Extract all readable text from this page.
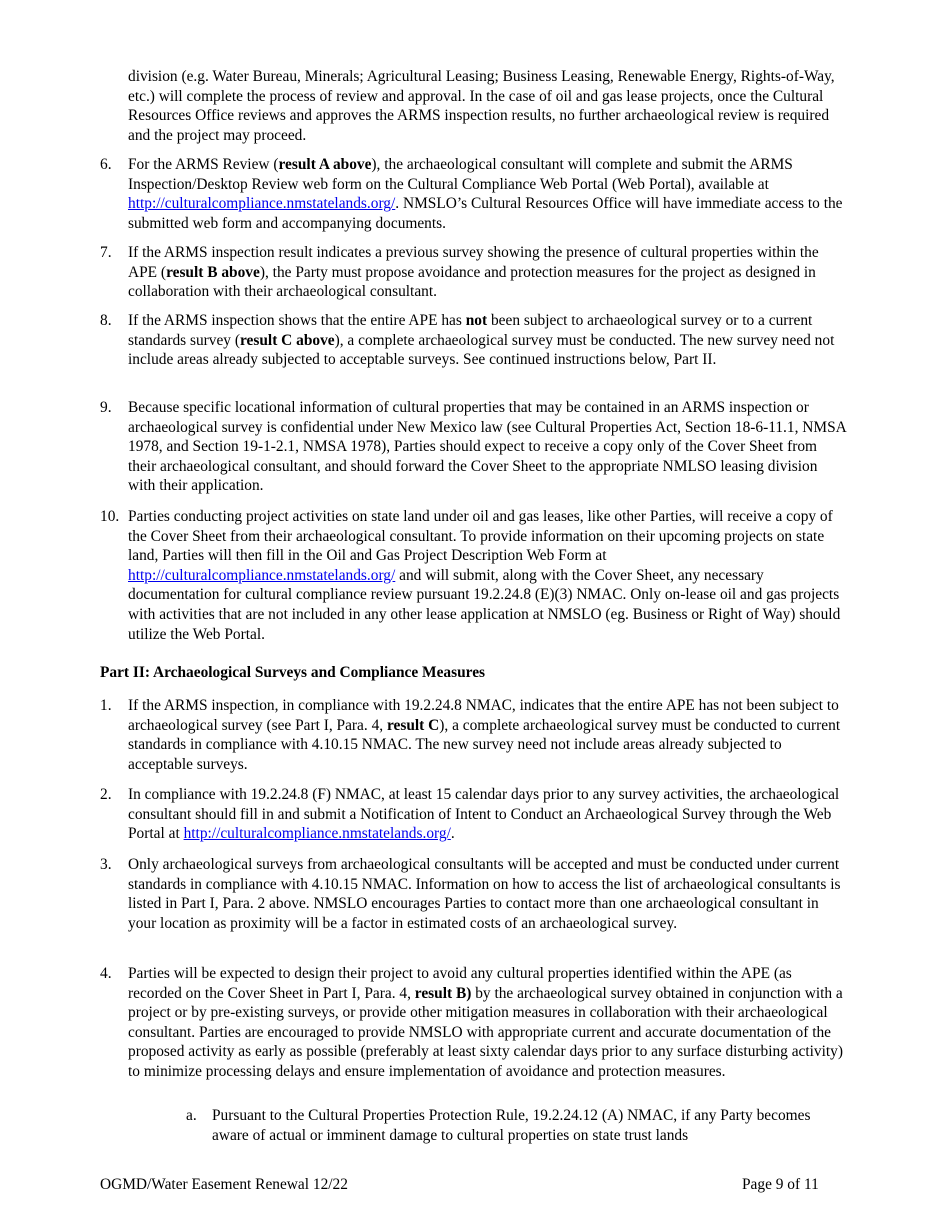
division (e.g. Water Bureau, Minerals; Agricultural Leasing; Business Leasing, Renewable Energy, Rights-of-Way, etc.) will complete the process of review and approval. In the case of oil and gas lease projects, once the Cultural Resources Office reviews and approves the ARMS inspection results, no further archaeological review is required and the project may proceed.

6. For the ARMS Review (result A above), the archaeological consultant will complete and submit the ARMS Inspection/Desktop Review web form on the Cultural Compliance Web Portal (Web Portal), available at http://culturalcompliance.nmstatelands.org/. NMSLO’s Cultural Resources Office will have immediate access to the submitted web form and accompanying documents.
7. If the ARMS inspection result indicates a previous survey showing the presence of cultural properties within the APE (result B above), the Party must propose avoidance and protection measures for the project as designed in collaboration with their archaeological consultant.
8. If the ARMS inspection shows that the entire APE has not been subject to archaeological survey or to a current standards survey (result C above), a complete archaeological survey must be conducted. The new survey need not include areas already subjected to acceptable surveys. See continued instructions below, Part II.
9. Because specific locational information of cultural properties that may be contained in an ARMS inspection or archaeological survey is confidential under New Mexico law (see Cultural Properties Act, Section 18-6-11.1, NMSA 1978, and Section 19-1-2.1, NMSA 1978), Parties should expect to receive a copy only of the Cover Sheet from their archaeological consultant, and should forward the Cover Sheet to the appropriate NMLSO leasing division with their application.
10. Parties conducting project activities on state land under oil and gas leases, like other Parties, will receive a copy of the Cover Sheet from their archaeological consultant. To provide information on their upcoming projects on state land, Parties will then fill in the Oil and Gas Project Description Web Form at http://culturalcompliance.nmstatelands.org/ and will submit, along with the Cover Sheet, any necessary documentation for cultural compliance review pursuant 19.2.24.8 (E)(3) NMAC. Only on-lease oil and gas projects with activities that are not included in any other lease application at NMSLO (eg. Business or Right of Way) should utilize the Web Portal.

Part II: Archaeological Surveys and Compliance Measures

1. If the ARMS inspection, in compliance with 19.2.24.8 NMAC, indicates that the entire APE has not been subject to archaeological survey (see Part I, Para. 4, result C), a complete archaeological survey must be conducted to current standards in compliance with 4.10.15 NMAC. The new survey need not include areas already subjected to acceptable surveys.
2. In compliance with 19.2.24.8 (F) NMAC, at least 15 calendar days prior to any survey activities, the archaeological consultant should fill in and submit a Notification of Intent to Conduct an Archaeological Survey through the Web Portal at http://culturalcompliance.nmstatelands.org/.
3. Only archaeological surveys from archaeological consultants will be accepted and must be conducted under current standards in compliance with 4.10.15 NMAC. Information on how to access the list of archaeological consultants is listed in Part I, Para. 2 above. NMSLO encourages Parties to contact more than one archaeological consultant in your location as proximity will be a factor in estimated costs of an archaeological survey.
4. Parties will be expected to design their project to avoid any cultural properties identified within the APE (as recorded on the Cover Sheet in Part I, Para. 4, result B) by the archaeological survey obtained in conjunction with a project or by pre-existing surveys, or provide other mitigation measures in collaboration with their archaeological consultant. Parties are encouraged to provide NMSLO with appropriate current and accurate documentation of the proposed activity as early as possible (preferably at least sixty calendar days prior to any surface disturbing activity) to minimize processing delays and ensure implementation of avoidance and protection measures.
a. Pursuant to the Cultural Properties Protection Rule, 19.2.24.12 (A) NMAC, if any Party becomes aware of actual or imminent damage to cultural properties on state trust lands
OGMD/Water Easement Renewal 12/22	Page 9 of 11
